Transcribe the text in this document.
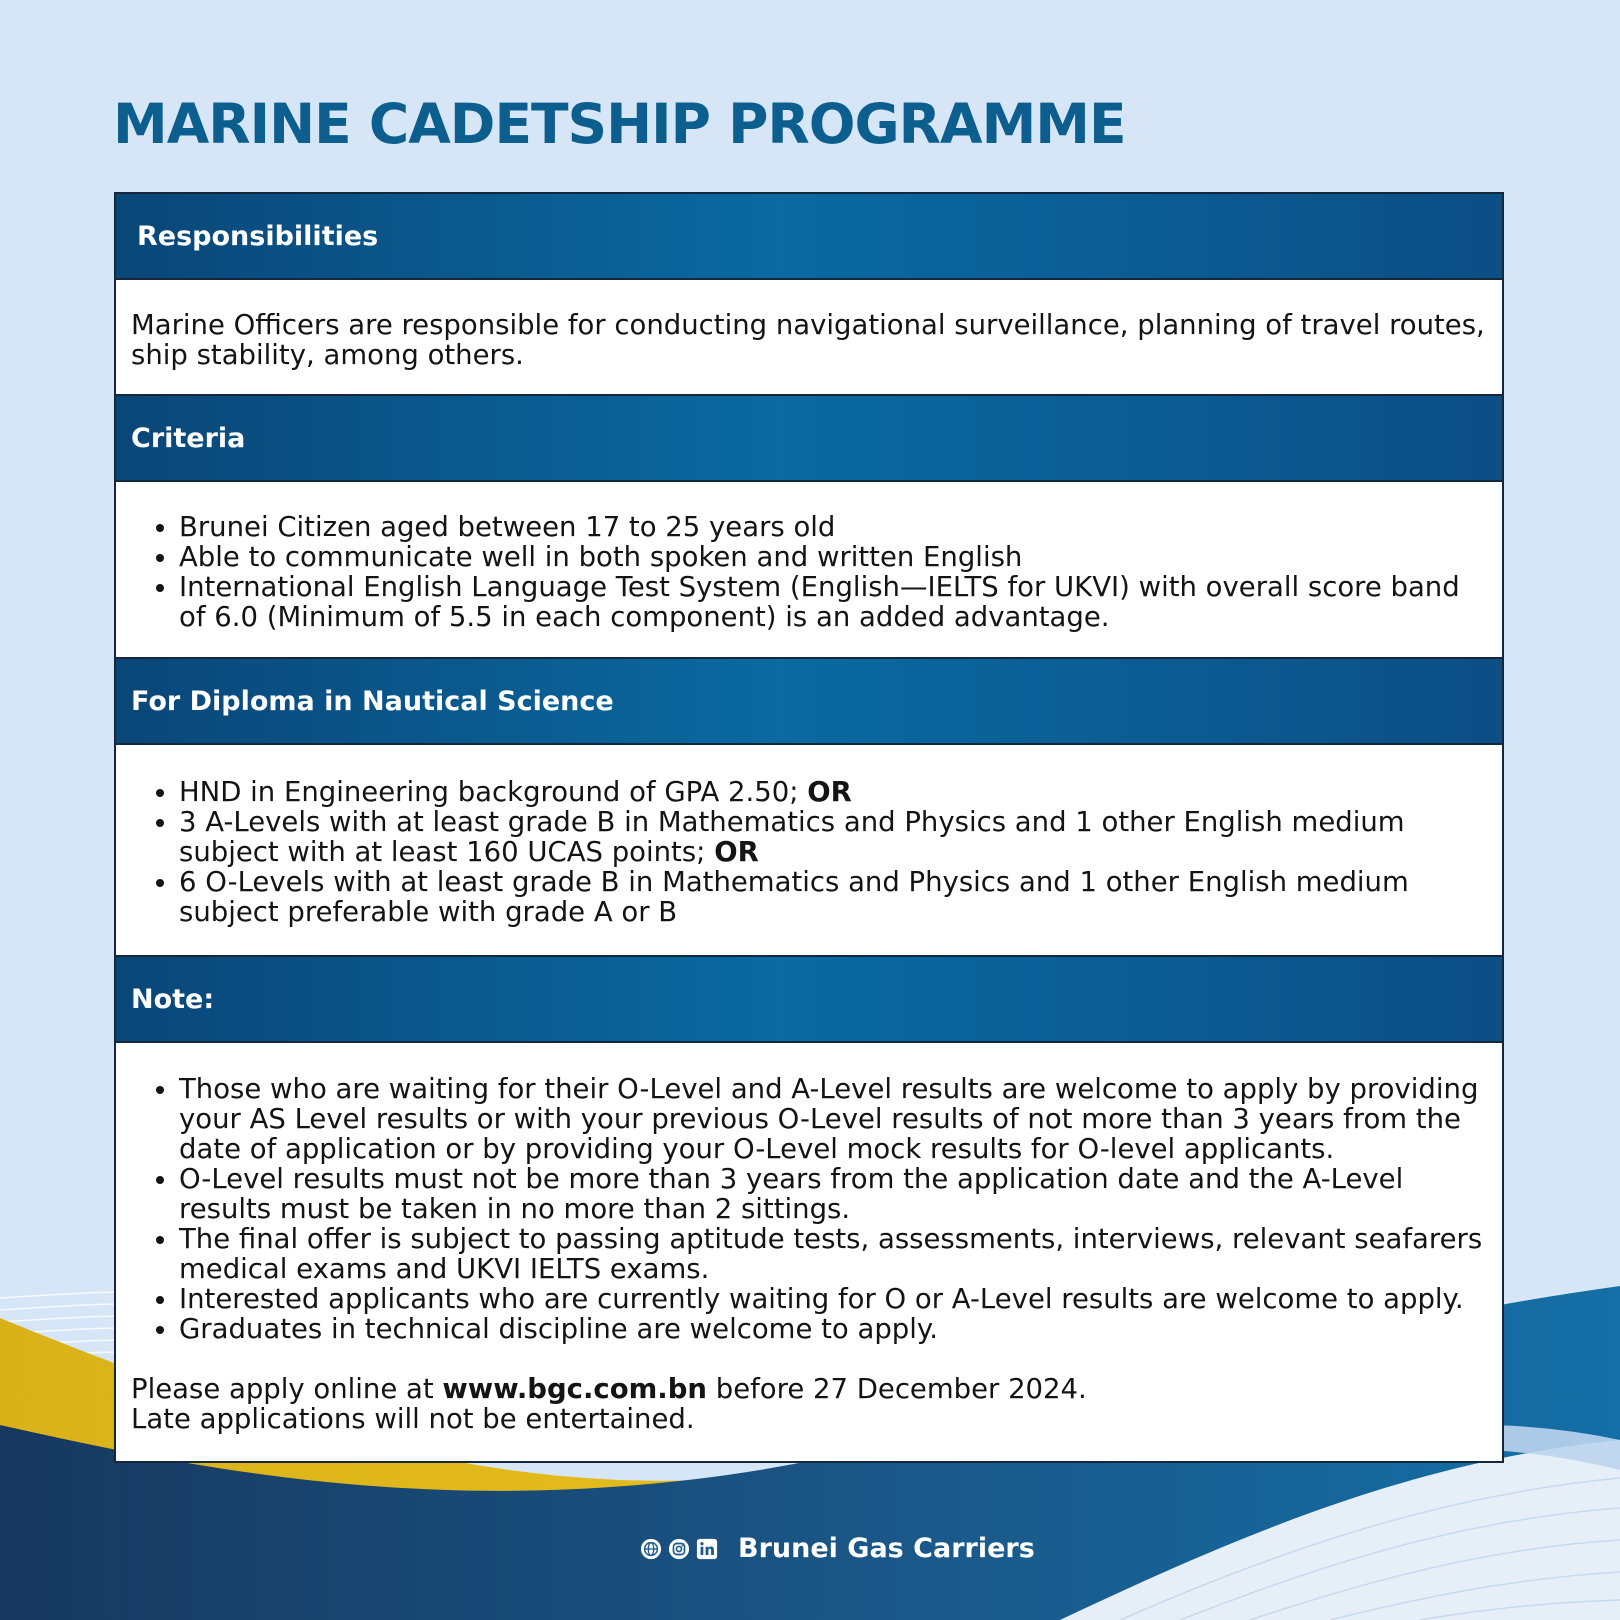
MARINE CADETSHIP PROGRAMME
Responsibilities

Marine Officers are responsible for conducting navigational surveillance, planning of travel routes, ship stability, among others.

Criteria
• Brunei Citizen aged between 17 to 25 years old
• Able to communicate well in both spoken and written English
• International English Language Test System (English—IELTS for UKVI) with overall score band of 6.0 (Minimum of 5.5 in each component) is an added advantage.
For Diploma in Nautical Science
• HND in Engineering background of GPA 2.50; OR
• 3 A-Levels with at least grade B in Mathematics and Physics and 1 other English medium subject with at least 160 UCAS points; OR
• 6 O-Levels with at least grade B in Mathematics and Physics and 1 other English medium subject preferable with grade A or B
Note:
• Those who are waiting for their O-Level and A-Level results are welcome to apply by providing your AS Level results or with your previous O-Level results of not more than 3 years from the date of application or by providing your O-Level mock results for O-level applicants.
• O-Level results must not be more than 3 years from the application date and the A-Level results must be taken in no more than 2 sittings.
• The final offer is subject to passing aptitude tests, assessments, interviews, relevant seafarers medical exams and UKVI IELTS exams.
• Interested applicants who are currently waiting for O or A-Level results are welcome to apply.
• Graduates in technical discipline are welcome to apply.

Please apply online at www.bgc.com.bn before 27 December 2024.

Late applications will not be entertained.

Brunei Gas Carriers
